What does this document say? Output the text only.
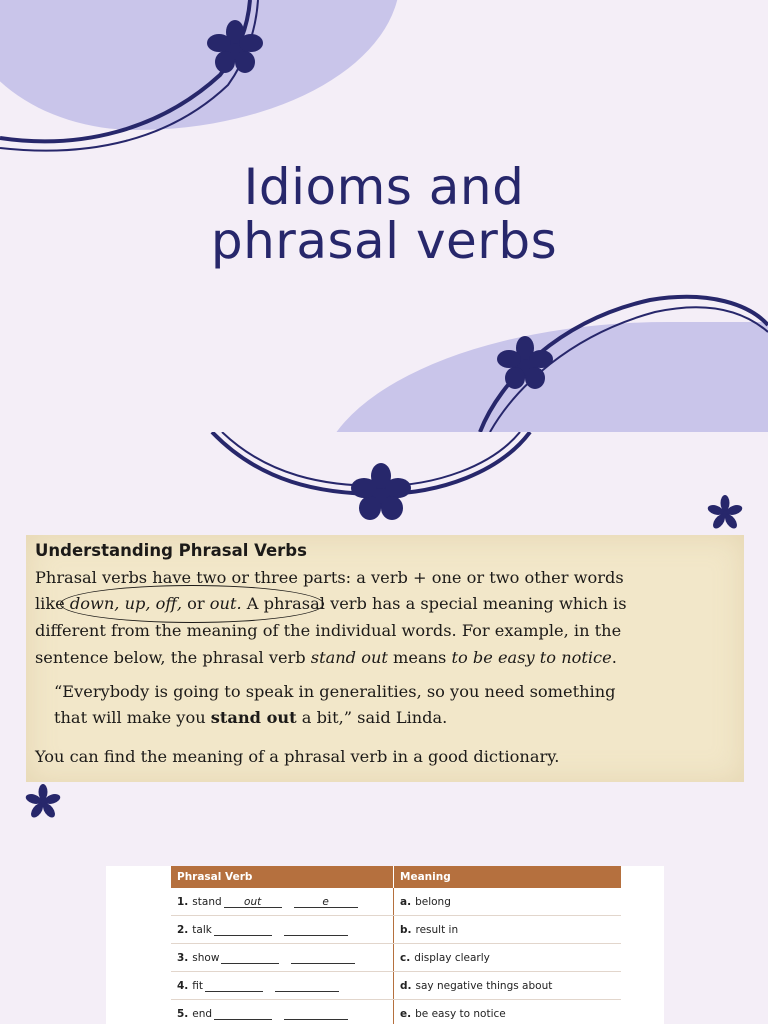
Idioms and
phrasal verbs
Understanding Phrasal Verbs
Phrasal verbs have two or three parts: a verb + one or two other words
like down, up, off, or out. A phrasal verb has a special meaning which is
different from the meaning of the individual words. For example, in the
sentence below, the phrasal verb stand out means to be easy to notice.
“Everybody is going to speak in generalities, so you need something
that will make you stand out a bit,” said Linda.
You can find the meaning of a phrasal verb in a good dictionary.
Phrasal Verb	Meaning
1. stand out e	a. belong
2. talk	b. result in
3. show	c. display clearly
4. fit	d. say negative things about
5. end	e. be easy to notice
